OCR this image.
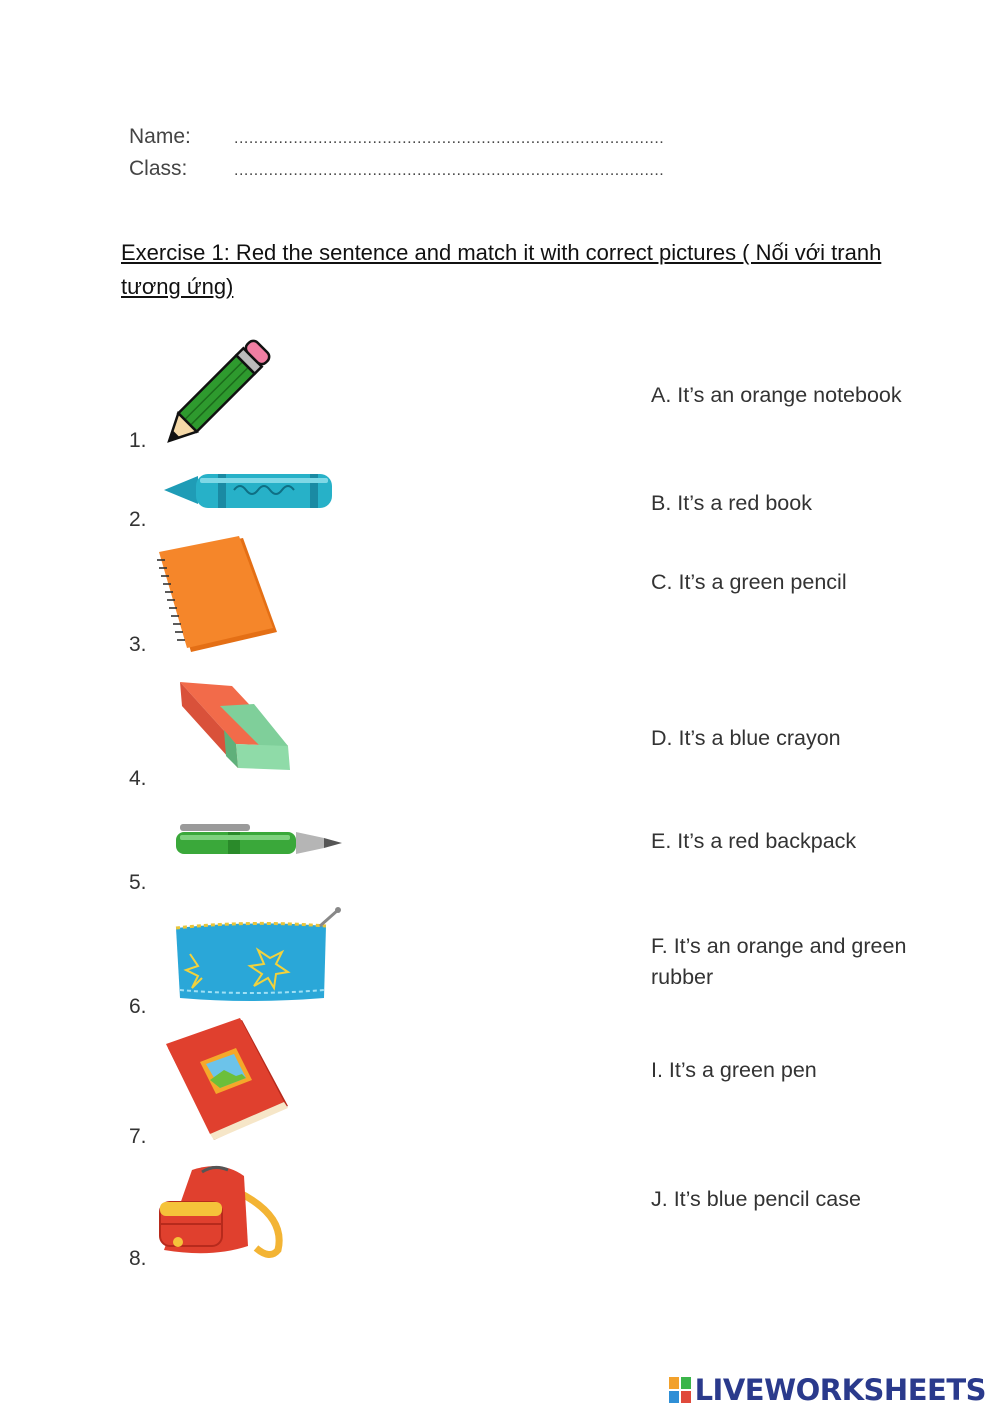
Name:	.......................................................................................
Class:	.......................................................................................
Exercise 1: Red the sentence and match it with correct pictures ( Nối với tranh tương ứng)
1.
2.
3.
4.
5.
6.
7.
8.
A. It’s an orange notebook
B. It’s a red book
C. It’s a green pencil
D. It’s a blue crayon
E. It’s a red backpack
F. It’s an orange and green rubber
I. It’s a green pen
J. It’s blue pencil case
LIVEWORKSHEETS
